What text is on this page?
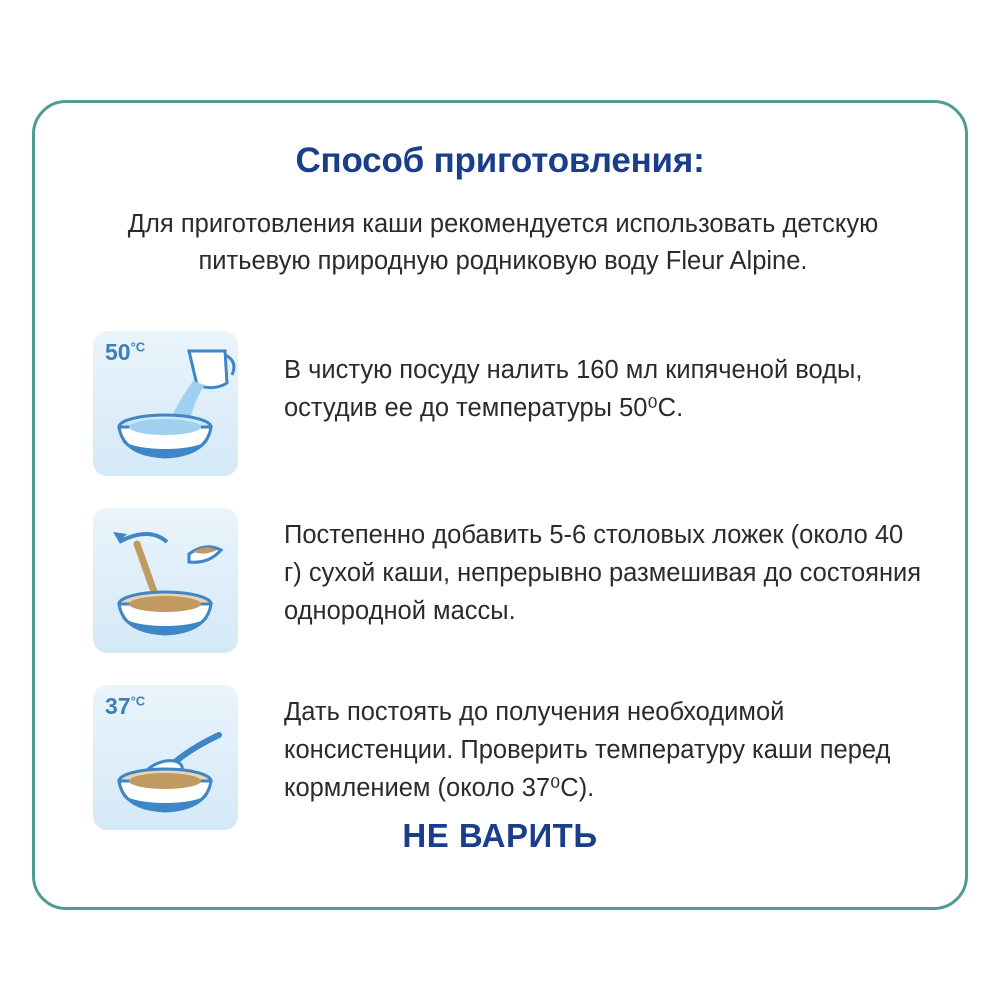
Способ приготовления:
Для приготовления каши рекомендуется использовать детскую питьевую природную родниковую воду Fleur Alpine.
$50^{^\circ C}$
В чистую посуду налить 160 мл кипяченой воды, остудив ее до температуры 50⁰С.
Постепенно добавить 5-6 столовых ложек (около 40 г) сухой каши, непрерывно размешивая до состояния однородной массы.
$37^{^\circ C}$	Дать постоять до получения необходимой консистенции. Проверить температуру каши перед кормлением (около 37⁰С).
НЕ ВАРИТЬ
